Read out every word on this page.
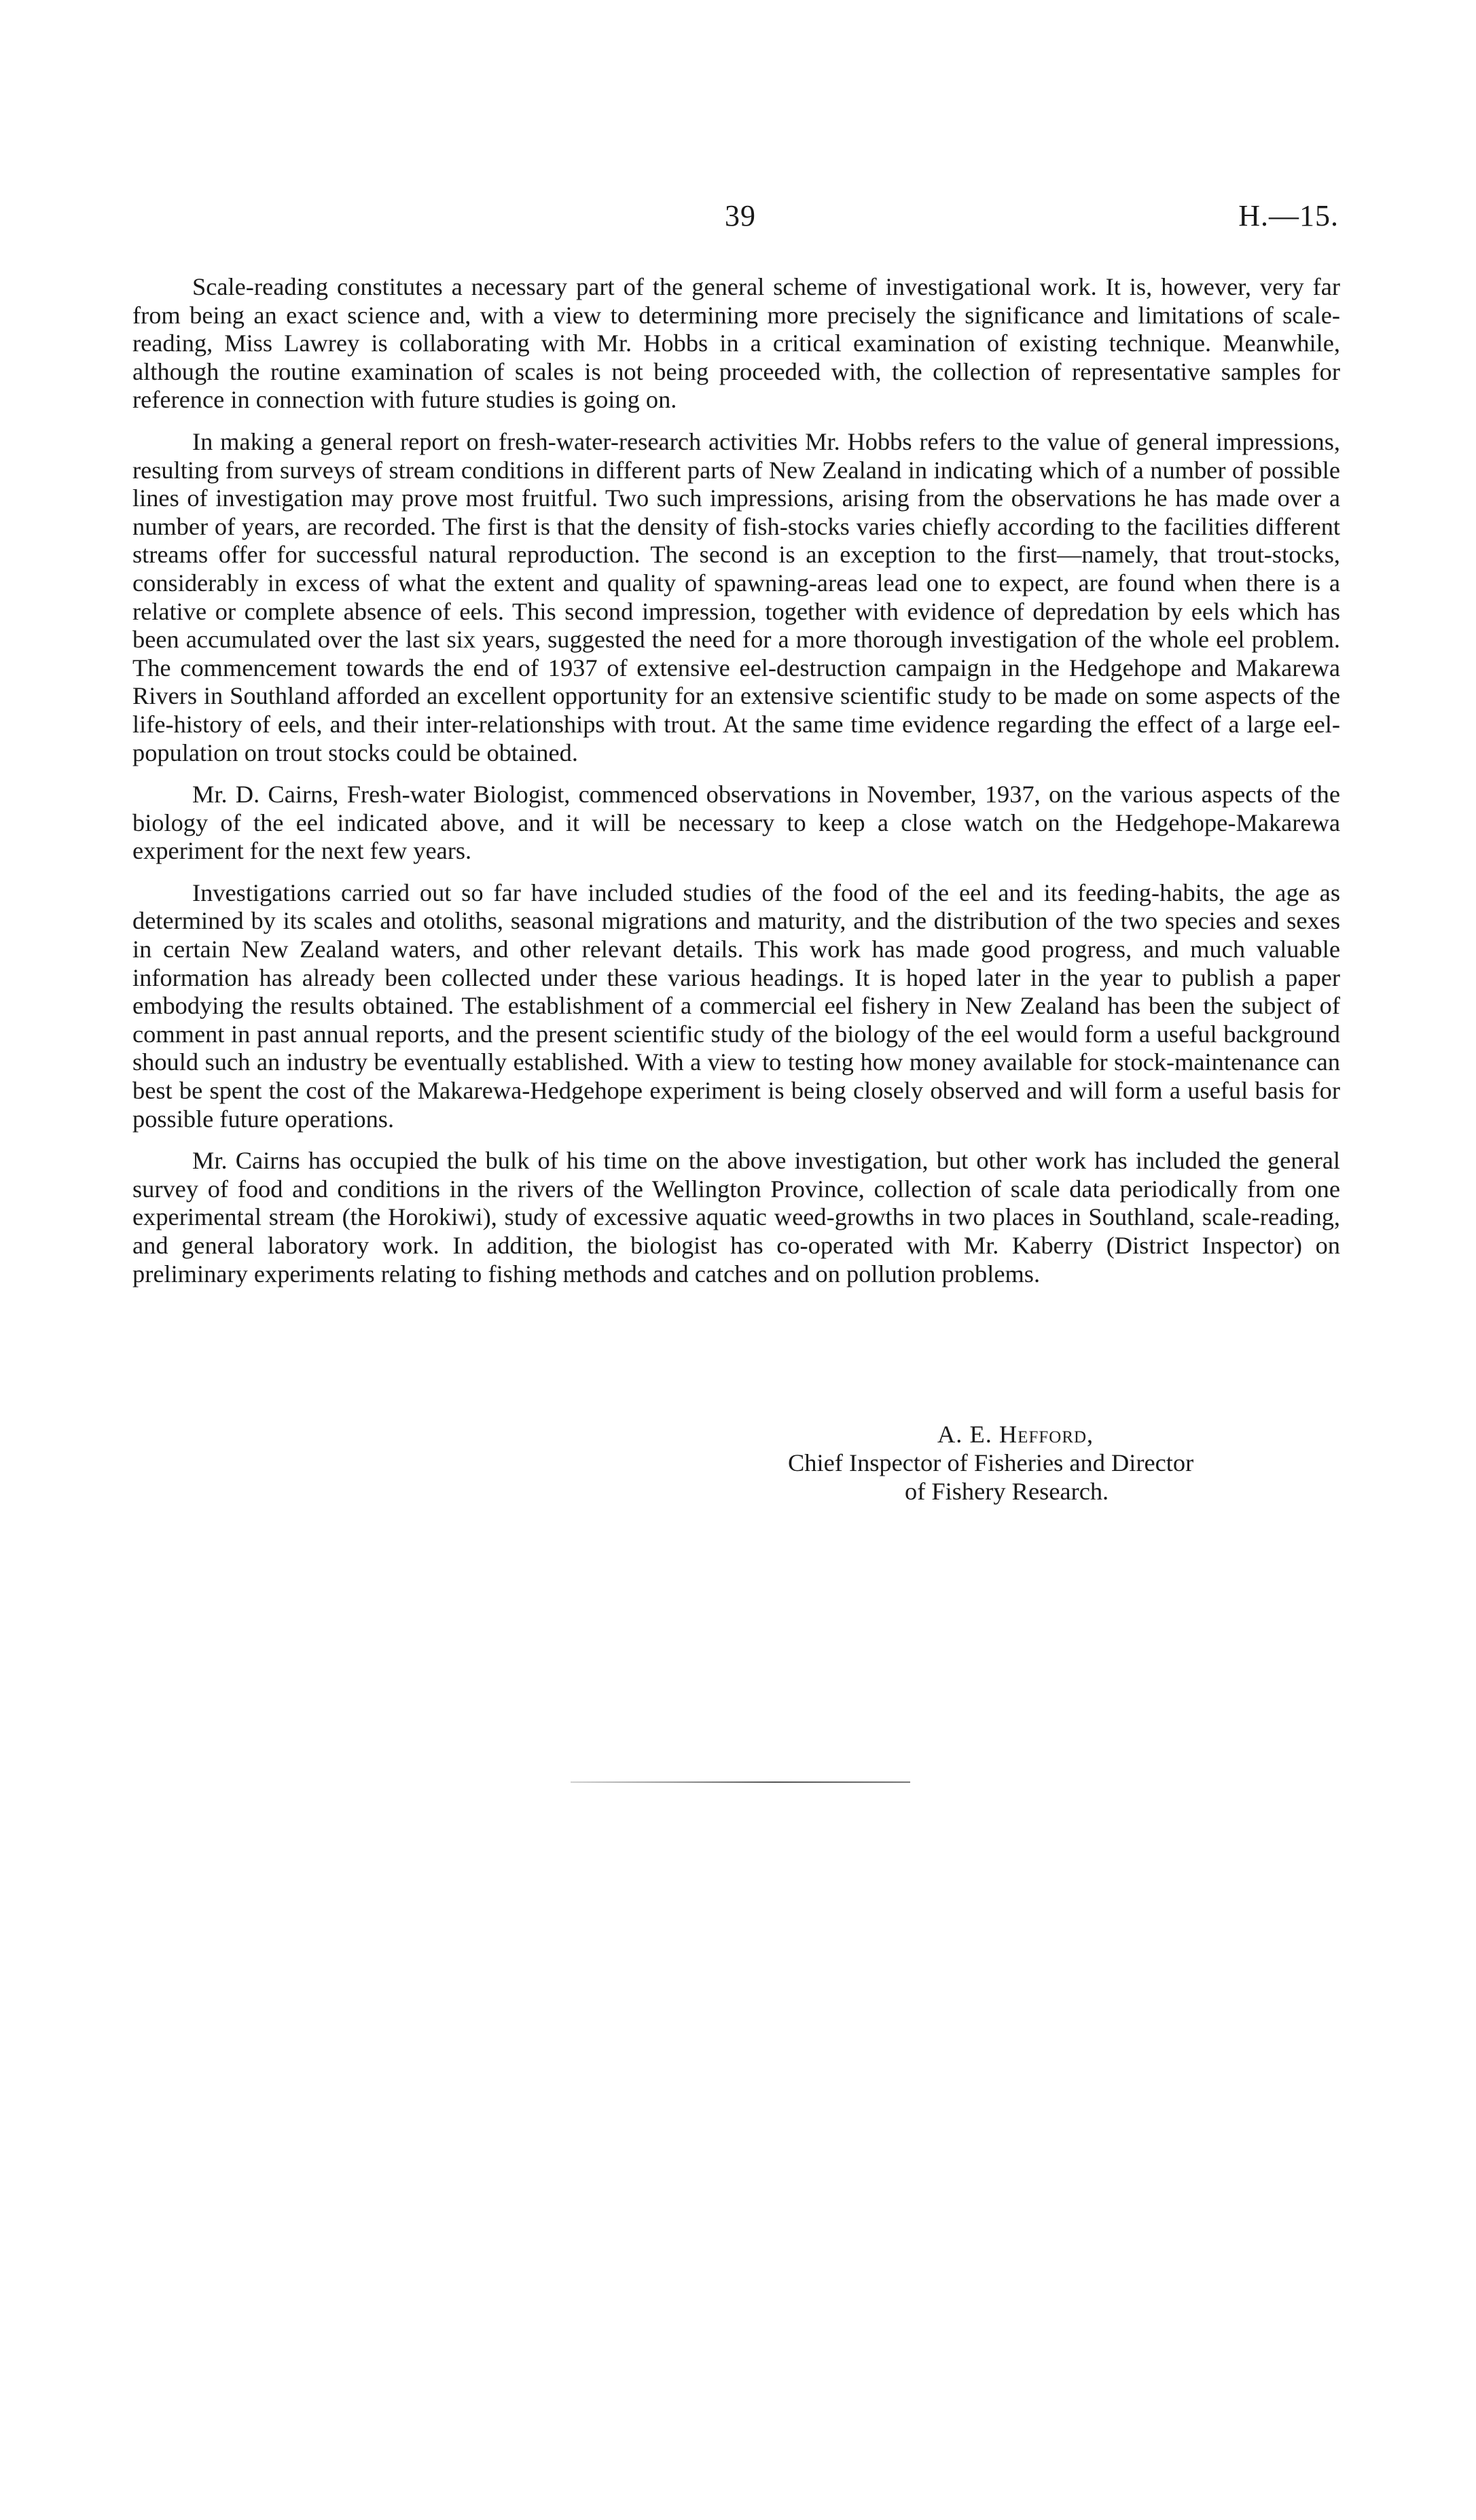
39	H.—15.

Scale-reading constitutes a necessary part of the general scheme of investigational work. It is, however, very far from being an exact science and, with a view to determining more precisely the significance and limitations of scale-reading, Miss Lawrey is collaborating with Mr. Hobbs in a critical examination of existing technique. Meanwhile, although the routine examination of scales is not being proceeded with, the collection of representative samples for reference in connection with future studies is going on.

In making a general report on fresh-water-research activities Mr. Hobbs refers to the value of general impressions, resulting from surveys of stream conditions in different parts of New Zealand in indicating which of a number of possible lines of investigation may prove most fruitful. Two such impressions, arising from the observations he has made over a number of years, are recorded. The first is that the density of fish-stocks varies chiefly according to the facilities different streams offer for successful natural reproduction. The second is an exception to the first—namely, that trout-stocks, considerably in excess of what the extent and quality of spawning-areas lead one to expect, are found when there is a relative or complete absence of eels. This second impression, together with evidence of depredation by eels which has been accumulated over the last six years, suggested the need for a more thorough investigation of the whole eel problem. The commencement towards the end of 1937 of extensive eel-destruction campaign in the Hedgehope and Makarewa Rivers in Southland afforded an excellent opportunity for an extensive scientific study to be made on some aspects of the life-history of eels, and their inter-relationships with trout. At the same time evidence regarding the effect of a large eel-population on trout stocks could be obtained.

Mr. D. Cairns, Fresh-water Biologist, commenced observations in November, 1937, on the various aspects of the biology of the eel indicated above, and it will be necessary to keep a close watch on the Hedgehope-Makarewa experiment for the next few years.

Investigations carried out so far have included studies of the food of the eel and its feeding-habits, the age as determined by its scales and otoliths, seasonal migrations and maturity, and the distribution of the two species and sexes in certain New Zealand waters, and other relevant details. This work has made good progress, and much valuable information has already been collected under these various headings. It is hoped later in the year to publish a paper embodying the results obtained. The establishment of a commercial eel fishery in New Zealand has been the subject of comment in past annual reports, and the present scientific study of the biology of the eel would form a useful background should such an industry be eventually established. With a view to testing how money available for stock-maintenance can best be spent the cost of the Makarewa-Hedgehope experiment is being closely observed and will form a useful basis for possible future operations.

Mr. Cairns has occupied the bulk of his time on the above investigation, but other work has included the general survey of food and conditions in the rivers of the Wellington Province, collection of scale data periodically from one experimental stream (the Horokiwi), study of excessive aquatic weed-growths in two places in Southland, scale-reading, and general laboratory work. In addition, the biologist has co-operated with Mr. Kaberry (District Inspector) on preliminary experiments relating to fishing methods and catches and on pollution problems.

A. E. Hefford,
Chief Inspector of Fisheries and Director
of Fishery Research.
